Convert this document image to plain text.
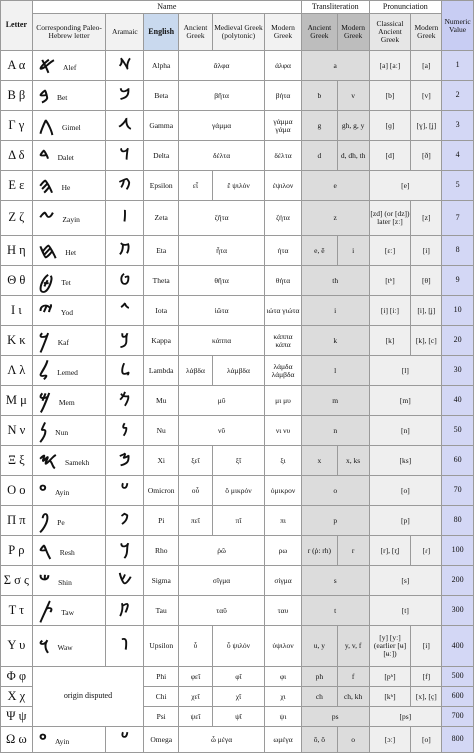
Letter	Name						Transliteration		Pronunciation		Numeric Value
	Corresponding Paleo-Hebrew letter	Aramaic	English	Ancient Greek	Medieval Greek (polytonic)	Modern Greek	Ancient Greek	Modern Greek	Classical Ancient Greek	Modern Greek	
Α α	𐤀 Alef	𐡀	Alpha	ἄλφα		άλφα	a		[a] [aː]	[a]	1
Β β	𐤁 Bet	𐡁	Beta	βῆτα		βήτα	b	v	[b]	[v]	2
Γ γ	𐤂 Gimel	𐡂	Gamma	γάμμα		γάμμα γάμα	g	gh, g, y	[ɡ]	[ɣ], [ʝ]	3
Δ δ	𐤃 Dalet	𐡃	Delta	δέλτα		δέλτα	d	d, dh, th	[d]	[ð]	4
Ε ε	𐤄 He	𐡄	Epsilon	εἶ	ἒ ψιλόν	έψιλον	e		[e]		5
Ζ ζ	𐤆 Zayin	𐡆	Zeta	ζῆτα		ζήτα	z		[zd] (or [dz]) later [zː]	[z]	7
Η η	𐤇 Het	𐡇	Eta	ἦτα		ήτα	e, ē	i	[ɛː]	[i]	8
Θ θ	𐤈 Tet	𐡈	Theta	θῆτα		θήτα	th		[tʰ]	[θ]	9
Ι ι	𐤉 Yod	𐡉	Iota	ἰῶτα		ιώτα γιώτα	i		[i] [iː]	[i], [ʝ]	10
Κ κ	𐤊 Kaf	𐡊	Kappa	κάππα		κάππα κάπα	k		[k]	[k], [c]	20
Λ λ	𐤋 Lemed	𐡋	Lambda	λάβδα	λάμβδα	λάμδα λάμβδα	l		[l]		30
Μ μ	𐤌 Mem	𐡌	Mu	μῦ		μι μυ	m		[m]		40
Ν ν	𐤍 Nun	𐡍	Nu	νῦ		νι νυ	n		[n]		50
Ξ ξ	𐤎 Samekh	𐡎	Xi	ξεῖ	ξῖ	ξι	x	x, ks	[ks]		60
Ο ο	𐤏 Ayin	𐡏	Omicron	οὖ	ὂ μικρόν	όμικρον	o		[o]		70
Π π	𐤐 Pe	𐡐	Pi	πεῖ	πῖ	πι	p		[p]		80
Ρ ρ	𐤓 Resh	𐡓	Rho	ῥῶ		ρω	r (ῥ: rh)	r	[r], [r̥]	[ɾ]	100
Σ σ ς	𐤔 Shin	𐡔	Sigma	σῖγμα		σίγμα	s		[s]		200
Τ τ	𐤕 Taw	𐡕	Tau	ταῦ		ταυ	t		[t]		300
Υ υ	𐤅 Waw	𐡅	Upsilon	ὗ	ὖ ψιλόν	ύψιλον	u, y	y, v, f	[y] [yː] (earlier [ʉ] [ʉː])	[i]	400
Φ φ	origin disputed		Phi	φεῖ	φῖ	φι	ph	f	[pʰ]	[f]	500
Χ χ			Chi	χεῖ	χῖ	χι	ch	ch, kh	[kʰ]	[x], [ç]	600
Ψ ψ			Psi	ψεῖ	ψῖ	ψι	ps		[ps]		700
Ω ω	𐤏 Ayin	𐡏	Omega	ὦ μέγα		ωμέγα	ō, ô	o	[ɔː]	[o]	800
